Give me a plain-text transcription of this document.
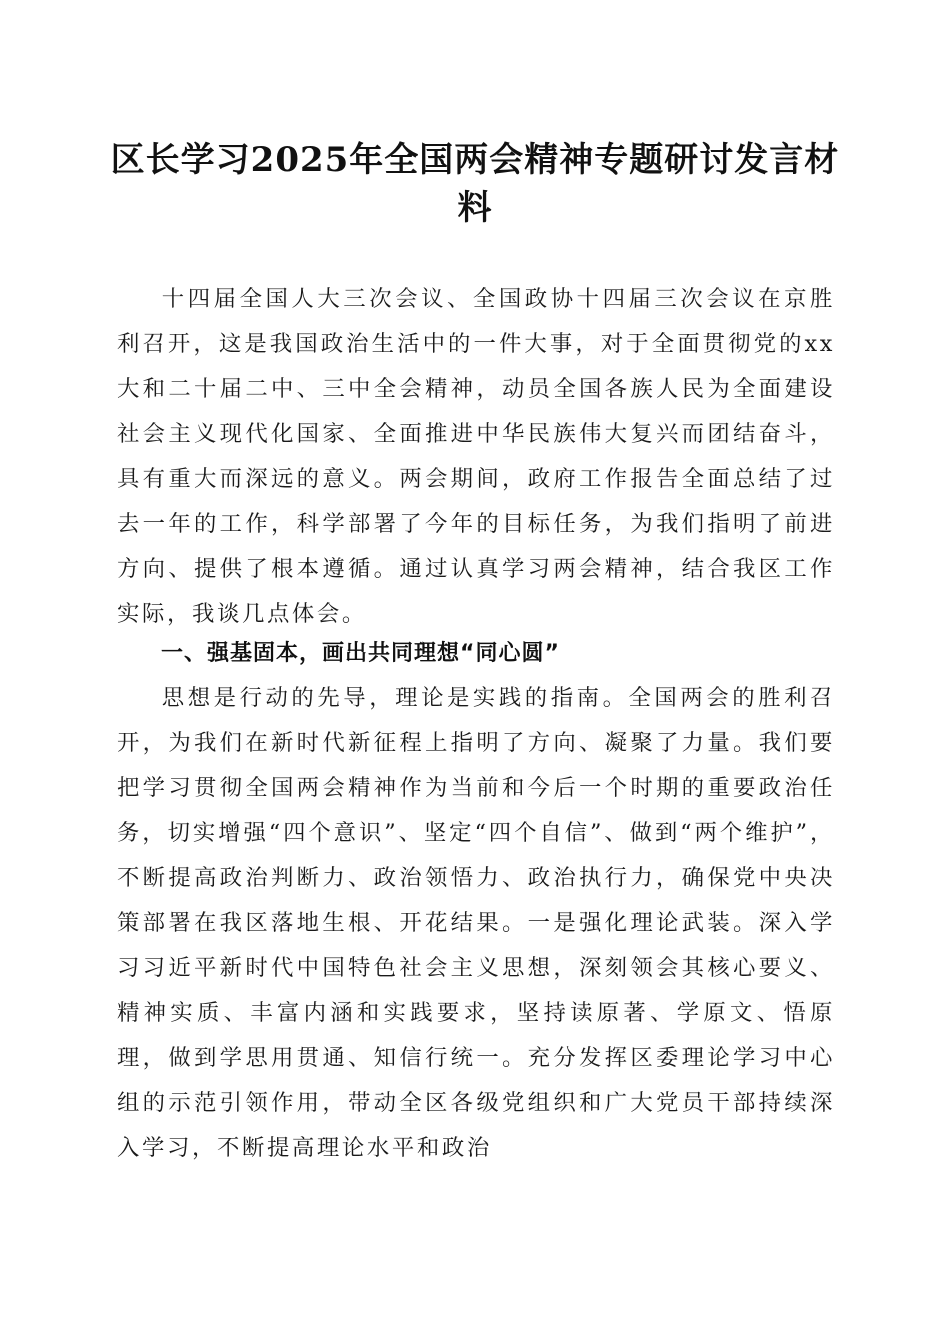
区长学习2025年全国两会精神专题研讨发言材料

十四届全国人大三次会议、全国政协十四届三次会议在京胜利召开，这是我国政治生活中的一件大事，对于全面贯彻党的xx大和二十届二中、三中全会精神，动员全国各族人民为全面建设社会主义现代化国家、全面推进中华民族伟大复兴而团结奋斗，具有重大而深远的意义。两会期间，政府工作报告全面总结了过去一年的工作，科学部署了今年的目标任务，为我们指明了前进方向、提供了根本遵循。通过认真学习两会精神，结合我区工作实际，我谈几点体会。

一、强基固本，画出共同理想“同心圆”

思想是行动的先导，理论是实践的指南。全国两会的胜利召开，为我们在新时代新征程上指明了方向、凝聚了力量。我们要把学习贯彻全国两会精神作为当前和今后一个时期的重要政治任务，切实增强“四个意识”、坚定“四个自信”、做到“两个维护”，不断提高政治判断力、政治领悟力、政治执行力，确保党中央决策部署在我区落地生根、开花结果。一是强化理论武装。深入学习习近平新时代中国特色社会主义思想，深刻领会其核心要义、精神实质、丰富内涵和实践要求，坚持读原著、学原文、悟原理，做到学思用贯通、知信行统一。充分发挥区委理论学习中心组的示范引领作用，带动全区各级党组织和广大党员干部持续深入学习，不断提高理论水平和政治
